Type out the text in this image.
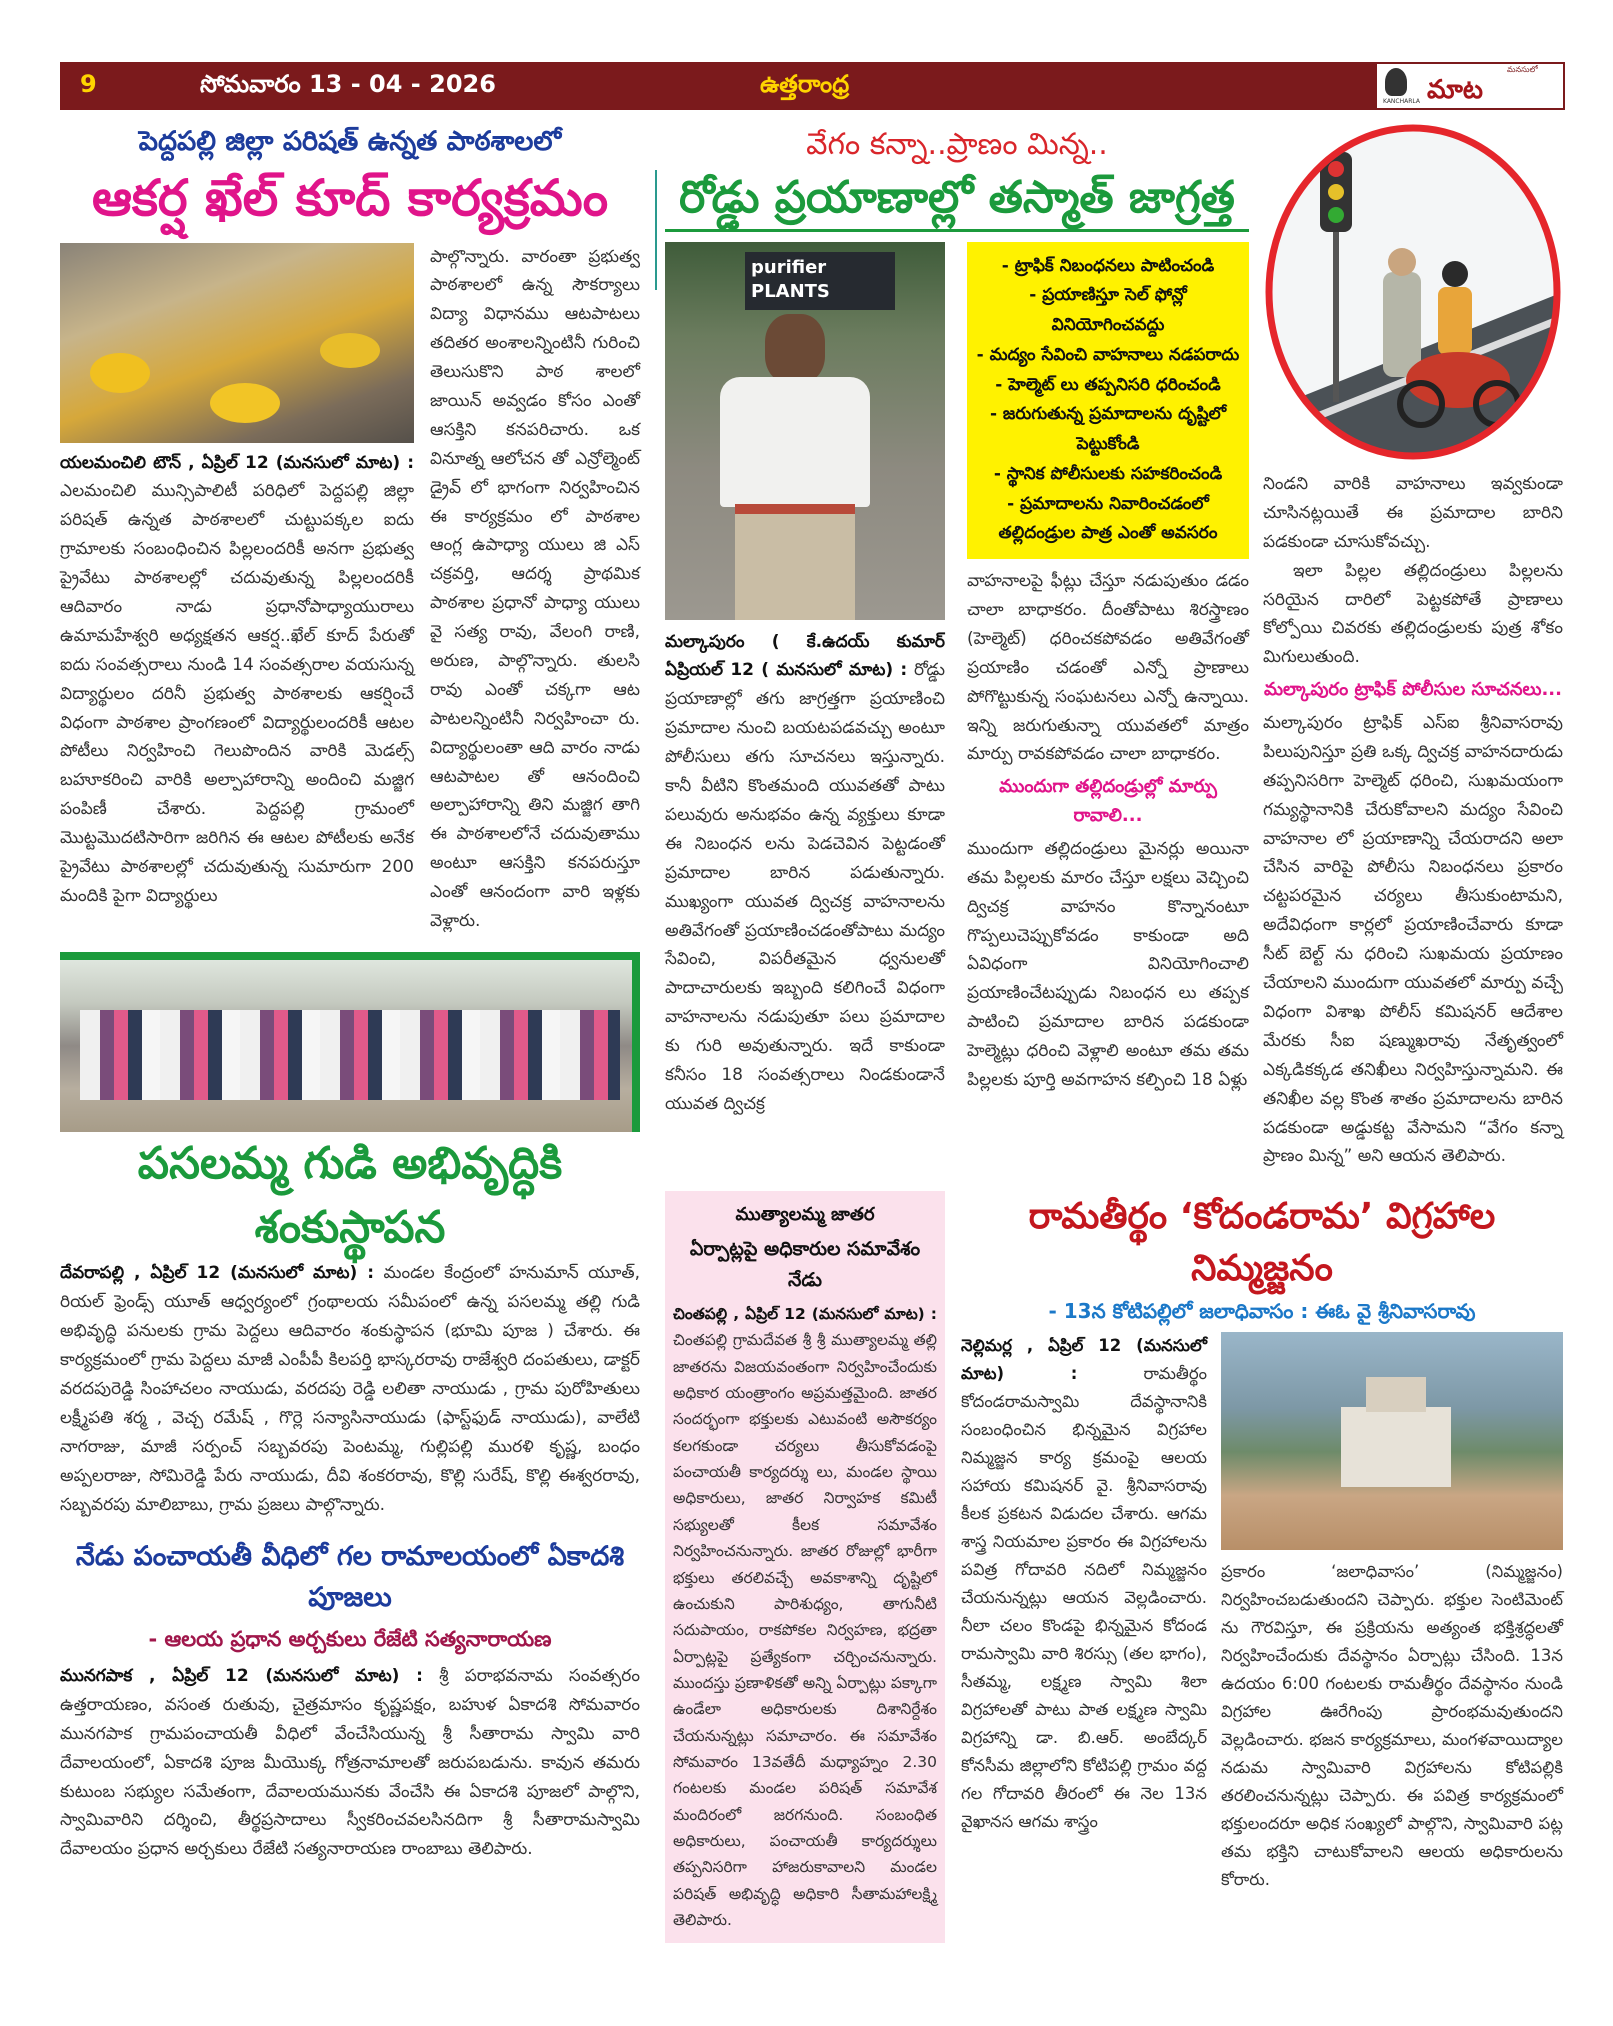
9	సోమవారం 13 - 04 - 2026	ఉత్తరాంధ్ర
KANCHARLA
మనసులో
మాట
పెద్దపల్లి జిల్లా పరిషత్ ఉన్నత పాఠశాలలో
ఆకర్ష ఖేల్ కూద్ కార్యక్రమం
యలమంచిలి టౌన్ , ఏప్రిల్ 12 (మనసులో మాట) : ఎలమంచిలి మున్సిపాలిటీ పరిధిలో పెద్దపల్లి జిల్లా పరిషత్ ఉన్నత పాఠశాలలో చుట్టుపక్కల ఐదు గ్రామాలకు సంబంధించిన పిల్లలందరికీ అనగా ప్రభుత్వ ప్రైవేటు పాఠశాలల్లో చదువుతున్న పిల్లలందరికీ ఆదివారం నాడు ప్రధానోపాధ్యాయురాలు ఉమామహేశ్వరి అధ్యక్షతన ఆకర్ష..ఖేల్ కూద్ పేరుతో ఐదు సంవత్సరాలు నుండి 14 సంవత్సరాల వయసున్న విద్యార్థులం దరినీ ప్రభుత్వ పాఠశాలకు ఆకర్షించే విధంగా పాఠశాల ప్రాంగణంలో విద్యార్థులందరికీ ఆటల పోటీలు నిర్వహించి గెలుపొందిన వారికి మెడల్స్ బహూకరించి వారికి అల్పాహారాన్ని అందించి మజ్జిగ పంపిణీ చేశారు. పెద్దపల్లి గ్రామంలో మొట్టమొదటిసారిగా జరిగిన ఈ ఆటల పోటీలకు అనేక ప్రైవేటు పాఠశాలల్లో చదువుతున్న సుమారుగా 200 మందికి పైగా విద్యార్థులు
పాల్గొన్నారు. వారంతా ప్రభుత్వ పాఠశాలలో ఉన్న సౌకర్యాలు విద్యా విధానము ఆటపాటలు తదితర అంశాలన్నింటినీ గురించి తెలుసుకొని పాఠ శాలలో జాయిన్ అవ్వడం కోసం ఎంతో ఆసక్తిని కనపరిచారు. ఒక వినూత్న ఆలోచన తో ఎన్రోల్మెంట్ డ్రైవ్ లో భాగంగా నిర్వహించిన ఈ కార్యక్రమం లో పాఠశాల ఆంగ్ల ఉపాధ్యా యులు జి ఎస్ చక్రవర్తి, ఆదర్శ ప్రాథమిక పాఠశాల ప్రధానో పాధ్యా యులు వై సత్య రావు, వేలంగి రాణి, అరుణ, పాల్గొన్నారు. తులసి రావు ఎంతో చక్కగా ఆట పాటలన్నింటినీ నిర్వహించా రు. విద్యార్థులంతా ఆది వారం నాడు ఆటపాటల తో ఆనందించి అల్పాహారాన్ని తిని మజ్జిగ తాగి ఈ పాఠశాలలోనే చదువుతాము అంటూ ఆసక్తిని కనపరుస్తూ ఎంతో ఆనందంగా వారి ఇళ్లకు వెళ్లారు.
పసలమ్మ గుడి అభివృద్ధికి శంకుస్థాపన
దేవరాపల్లి , ఏప్రిల్ 12 (మనసులో మాట) : మండల కేంద్రంలో హనుమాన్ యూత్, రియల్ ఫ్రెండ్స్ యూత్ ఆధ్వర్యంలో గ్రంథాలయ సమీపంలో ఉన్న పసలమ్మ తల్లి గుడి అభివృద్ధి పనులకు గ్రామ పెద్దలు ఆదివారం శంకుస్థాపన (భూమి పూజ ) చేశారు. ఈ కార్యక్రమంలో గ్రామ పెద్దలు మాజీ ఎంపీపీ కిలపర్తి భాస్కరరావు రాజేశ్వరి దంపతులు, డాక్టర్ వరదపురెడ్డి సింహాచలం నాయుడు, వరదపు రెడ్డి లలితా నాయుడు , గ్రామ పురోహితులు లక్ష్మీపతి శర్మ , వెచ్చ రమేష్ , గొర్లె సన్యాసినాయుడు (ఫాస్ట్‌ఫుడ్ నాయుడు), వాలేటి నాగరాజు, మాజీ సర్పంచ్ సబ్బవరపు పెంటమ్మ, గుల్లిపల్లి మురళి కృష్ణ, బంధం అప్పలరాజు, సోమిరెడ్డి పేరు నాయుడు, దీవి శంకరరావు, కొల్లి సురేష్, కొల్లి ఈశ్వరరావు, సబ్బవరపు మాలిబాబు, గ్రామ ప్రజలు పాల్గొన్నారు.
నేడు పంచాయతీ వీధిలో గల రామాలయంలో ఏకాదశి పూజలు
- ఆలయ ప్రధాన అర్చకులు రేజేటి సత్యనారాయణ
మునగపాక , ఏప్రిల్ 12 (మనసులో మాట) : శ్రీ పరాభవనామ సంవత్సరం ఉత్తరాయణం, వసంత రుతువు, చైత్రమాసం కృష్ణపక్షం, బహుళ ఏకాదశి సోమవారం మునగపాక గ్రామపంచాయతీ వీధిలో వేంచేసియున్న శ్రీ సీతారామ స్వామి వారి దేవాలయంలో, ఏకాదశి పూజ మీయొక్క గోత్రనామాలతో జరుపబడును. కావున తమరు కుటుంబ సభ్యుల సమేతంగా, దేవాలయమునకు వేంచేసి ఈ ఏకాదశి పూజలో పాల్గొని, స్వామివారిని దర్శించి, తీర్థప్రసాదాలు స్వీకరించవలసినదిగా శ్రీ సీతారామస్వామి దేవాలయం ప్రధాన అర్చకులు రేజేటి సత్యనారాయణ రాంబాబు తెలిపారు.
వేగం కన్నా..ప్రాణం మిన్న..
రోడ్డు ప్రయాణాల్లో తస్మాత్ జాగ్రత్త
purifier PLANTS
మల్కాపురం ( కే.ఉదయ్ కుమార్ ఏప్రియల్ 12 ( మనసులో మాట) : రోడ్డు ప్రయాణాల్లో తగు జాగ్రత్తగా ప్రయాణించి ప్రమాదాల నుంచి బయటపడవచ్చు అంటూ పోలీసులు తగు సూచనలు ఇస్తున్నారు. కానీ వీటిని కొంతమంది యువతతో పాటు పలువురు అనుభవం ఉన్న వ్యక్తులు కూడా ఈ నిబంధన లను పెడచెవిన పెట్టడంతో ప్రమాదాల బారిన పడుతున్నారు. ముఖ్యంగా యువత ద్విచక్ర వాహనాలను అతివేగంతో ప్రయాణించడంతోపాటు మద్యం సేవించి, విపరీతమైన ధ్వనులతో పాదాచారులకు ఇబ్బంది కలిగించే విధంగా వాహనాలను నడుపుతూ పలు ప్రమాదాల కు గురి అవుతున్నారు. ఇదే కాకుండా కనీసం 18 సంవత్సరాలు నిండకుండానే యువత ద్విచక్ర
- ట్రాఫిక్ నిబంధనలు పాటించండి
- ప్రయాణిస్తూ సెల్ ఫోన్లో వినియోగించవద్దు
- మద్యం సేవించి వాహనాలు నడపరాదు
- హెల్మెట్ లు తప్పనిసరి ధరించండి
- జరుగుతున్న ప్రమాదాలను దృష్టిలో పెట్టుకోండి
- స్థానిక పోలీసులకు సహకరించండి
- ప్రమాదాలను నివారించడంలో తల్లిదండ్రుల పాత్ర ఎంతో అవసరం
వాహనాలపై ఫీట్లు చేస్తూ నడుపుతుం డడం చాలా బాధాకరం. దీంతోపాటు శిరస్త్రాణం (హెల్మెట్) ధరించకపోవడం అతివేగంతో ప్రయాణిం చడంతో ఎన్నో ప్రాణాలు పోగొట్టుకున్న సంఘటనలు ఎన్నో ఉన్నాయి. ఇన్ని జరుగుతున్నా యువతలో మాత్రం మార్పు రావకపోవడం చాలా బాధాకరం.
ముందుగా తల్లిదండ్రుల్లో మార్పు రావాలి...
ముందుగా తల్లిదండ్రులు మైనర్లు అయినా తమ పిల్లలకు మారం చేస్తూ లక్షలు వెచ్చించి ద్విచక్ర వాహనం కొన్నానంటూ గొప్పలుచెప్పుకోవడం కాకుండా అది ఏవిధంగా వినియోగించాలి ప్రయాణించేటప్పుడు నిబంధన లు తప్పక పాటించి ప్రమాదాల బారిన పడకుండా హెల్మెట్లు ధరించి వెళ్లాలి అంటూ తమ తమ పిల్లలకు పూర్తి అవగాహన కల్పించి 18 ఏళ్లు
నిండని వారికి వాహనాలు ఇవ్వకుండా చూసినట్లయితే ఈ ప్రమాదాల బారిని పడకుండా చూసుకోవచ్చు.
ఇలా పిల్లల తల్లిదండ్రులు పిల్లలను సరియైన దారిలో పెట్టకపోతే ప్రాణాలు కోల్పోయి చివరకు తల్లిదండ్రులకు పుత్ర శోకం మిగులుతుంది.
మల్కాపురం ట్రాఫిక్ పోలీసుల సూచనలు...
మల్కాపురం ట్రాఫిక్ ఎస్ఐ శ్రీనివాసరావు పిలుపునిస్తూ ప్రతి ఒక్క ద్విచక్ర వాహనదారుడు తప్పనిసరిగా హెల్మెట్ ధరించి, సుఖమయంగా గమ్యస్థానానికి చేరుకోవాలని మద్యం సేవించి వాహనాల లో ప్రయాణాన్ని చేయరాదని అలా చేసిన వారిపై పోలీసు నిబంధనలు ప్రకారం చట్టపరమైన చర్యలు తీసుకుంటామని, అదేవిధంగా కార్లలో ప్రయాణించేవారు కూడా సీట్ బెల్ట్ ను ధరించి సుఖమయ ప్రయాణం చేయాలని ముందుగా యువతలో మార్పు వచ్చే విధంగా విశాఖ పోలీస్ కమిషనర్ ఆదేశాల మేరకు సీఐ షణ్ముఖరావు నేతృత్వంలో ఎక్కడికక్కడ తనిఖీలు నిర్వహిస్తున్నామని. ఈ తనిఖీల వల్ల కొంత శాతం ప్రమాదాలను బారిన పడకుండా అడ్డుకట్ట వేసామని “వేగం కన్నా ప్రాణం మిన్న” అని ఆయన తెలిపారు.
ముత్యాలమ్మ జాతర
ఏర్పాట్లపై అధికారుల సమావేశం నేడు
చింతపల్లి , ఏప్రిల్ 12 (మనసులో మాట) : చింతపల్లి గ్రామదేవత శ్రీ శ్రీ ముత్యాలమ్మ తల్లి జాతరను విజయవంతంగా నిర్వహించేందుకు అధికార యంత్రాంగం అప్రమత్తమైంది. జాతర సందర్భంగా భక్తులకు ఎటువంటి అసౌకర్యం కలగకుండా చర్యలు తీసుకోవడంపై పంచాయతీ కార్యదర్శు లు, మండల స్థాయి అధికారులు, జాతర నిర్వాహక కమిటీ సభ్యులతో కీలక సమావేశం నిర్వహించనున్నారు. జాతర రోజుల్లో భారీగా భక్తులు తరలివచ్చే అవకాశాన్ని దృష్టిలో ఉంచుకుని పారిశుధ్యం, తాగునీటి సదుపాయం, రాకపోకల నిర్వహణ, భద్రతా ఏర్పాట్లపై ప్రత్యేకంగా చర్చించనున్నారు. ముందస్తు ప్రణాళికతో అన్ని ఏర్పాట్లు పక్కాగా ఉండేలా అధికారులకు దిశానిర్దేశం చేయనున్నట్లు సమాచారం. ఈ సమావేశం సోమవారం 13వతేదీ మధ్యాహ్నం 2.30 గంటలకు మండల పరిషత్ సమావేశ మందిరంలో జరగనుంది. సంబంధిత అధికారులు, పంచాయతీ కార్యదర్శులు తప్పనిసరిగా హాజరుకావాలని మండల పరిషత్ అభివృద్ధి అధికారి సీతామహాలక్ష్మి తెలిపారు.
రామతీర్థం ‘కోదండరామ’ విగ్రహాల నిమ్మజ్జనం
- 13న కోటిపల్లిలో జలాధివాసం : ఈఓ వై శ్రీనివాసరావు
నెల్లిమర్ల , ఏప్రిల్ 12 (మనసులో మాట) :	రామతీర్థం కోదండరామస్వామి దేవస్థానానికి సంబంధించిన భిన్నమైన విగ్రహాల నిమ్మజ్జన కార్య క్రమంపై ఆలయ సహాయ కమిషనర్ వై. శ్రీనివాసరావు కీలక ప్రకటన విడుదల చేశారు. ఆగమ శాస్త్ర నియమాల ప్రకారం ఈ విగ్రహాలను పవిత్ర గోదావరి నదిలో నిమ్మజ్జనం చేయనున్నట్లు ఆయన వెల్లడించారు. నీలా చలం కొండపై భిన్నమైన కోదండ రామస్వామి వారి శిరస్సు (తల భాగం), సీతమ్మ, లక్ష్మణ స్వామి శిలా విగ్రహాలతో పాటు పాత లక్ష్మణ స్వామి విగ్రహాన్ని డా. బి.ఆర్. అంబేద్కర్ కోనసీమ జిల్లాలోని కోటిపల్లి గ్రామం వద్ద గల గోదావరి తీరంలో ఈ నెల 13న వైఖానస ఆగమ శాస్త్రం
ప్రకారం ‘జలాధివాసం’ (నిమ్మజ్జనం) నిర్వహించబడుతుందని చెప్పారు. భక్తుల సెంటిమెంట్ ను గౌరవిస్తూ, ఈ ప్రక్రియను అత్యంత భక్తిశ్రద్ధలతో నిర్వహించేందుకు దేవస్థానం ఏర్పాట్లు చేసింది. 13న ఉదయం 6:00 గంటలకు రామతీర్థం దేవస్థానం నుండి విగ్రహాల ఊరేగింపు ప్రారంభమవుతుందని వెల్లడించారు. భజన కార్యక్రమాలు, మంగళవాయిద్యాల నడుమ స్వామివారి విగ్రహాలను కోటిపల్లికి తరలించనున్నట్లు చెప్పారు. ఈ పవిత్ర కార్యక్రమంలో భక్తులందరూ అధిక సంఖ్యలో పాల్గొని, స్వామివారి పట్ల తమ భక్తిని చాటుకోవాలని ఆలయ అధికారులను కోరారు.
